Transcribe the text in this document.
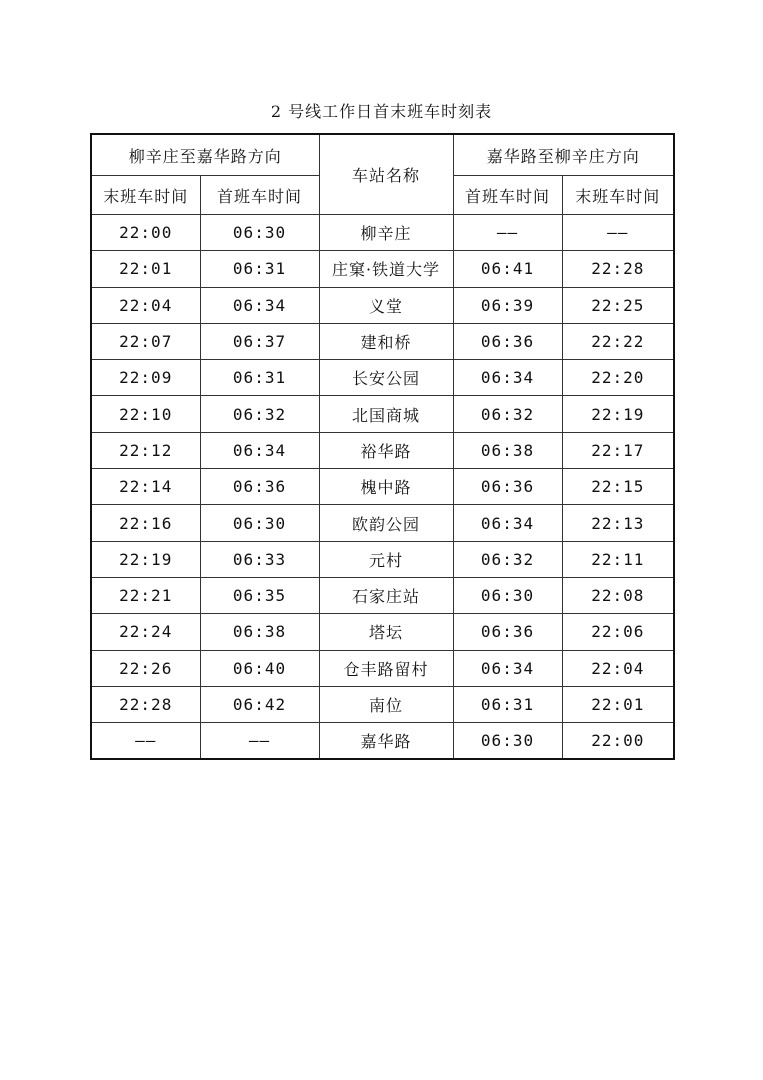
2 号线工作日首末班车时刻表
柳辛庄至嘉华路方向		车站名称	嘉华路至柳辛庄方向	
末班车时间	首班车时间		首班车时间	末班车时间
22:00	06:30	柳辛庄	——	——
22:01	06:31	庄窠·铁道大学	06:41	22:28
22:04	06:34	义堂	06:39	22:25
22:07	06:37	建和桥	06:36	22:22
22:09	06:31	长安公园	06:34	22:20
22:10	06:32	北国商城	06:32	22:19
22:12	06:34	裕华路	06:38	22:17
22:14	06:36	槐中路	06:36	22:15
22:16	06:30	欧韵公园	06:34	22:13
22:19	06:33	元村	06:32	22:11
22:21	06:35	石家庄站	06:30	22:08
22:24	06:38	塔坛	06:36	22:06
22:26	06:40	仓丰路留村	06:34	22:04
22:28	06:42	南位	06:31	22:01
——	——	嘉华路	06:30	22:00
